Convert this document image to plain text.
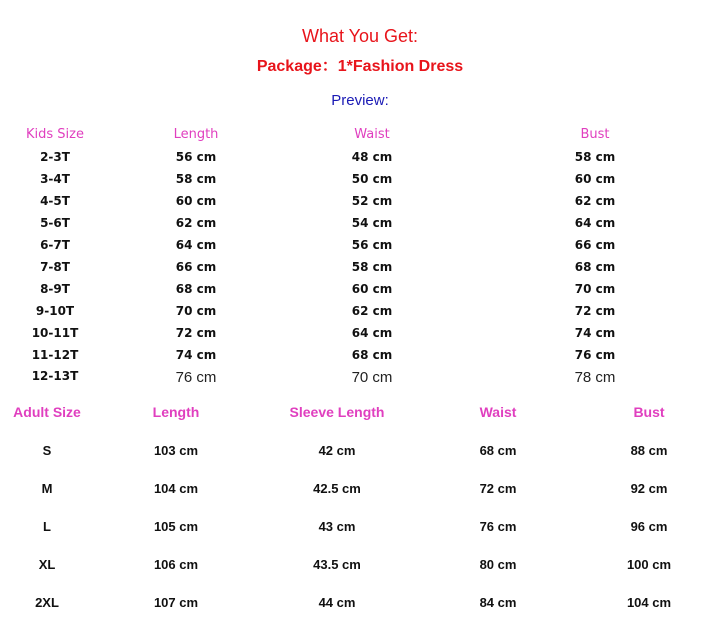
What You Get:
Package：1*Fashion Dress
Preview:
Kids Size	Length	Waist	Bust
2-3T	56 cm	48 cm	58 cm
3-4T	58 cm	50 cm	60 cm
4-5T	60 cm	52 cm	62 cm
5-6T	62 cm	54 cm	64 cm
6-7T	64 cm	56 cm	66 cm
7-8T	66 cm	58 cm	68 cm
8-9T	68 cm	60 cm	70 cm
9-10T	70 cm	62 cm	72 cm
10-11T	72 cm	64 cm	74 cm
11-12T	74 cm	68 cm	76 cm
12-13T	76 cm	70 cm	78 cm
Adult Size	Length	Sleeve Length	Waist	Bust
S	103 cm	42 cm	68 cm	88 cm
M	104 cm	42.5 cm	72 cm	92 cm
L	105 cm	43 cm	76 cm	96 cm
XL	106 cm	43.5 cm	80 cm	100 cm
2XL	107 cm	44 cm	84 cm	104 cm
